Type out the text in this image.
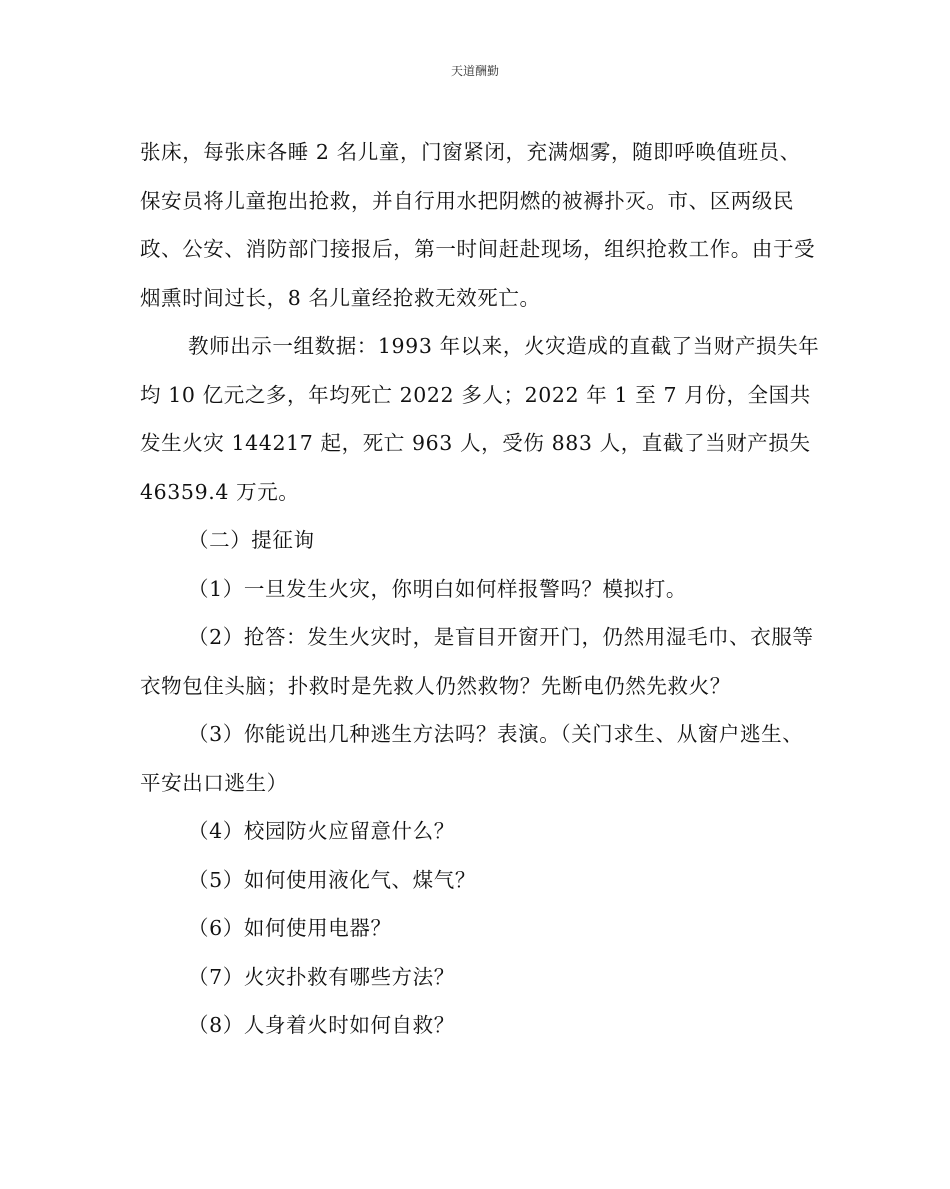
天道酬勤

张床，每张床各睡 2 名儿童，门窗紧闭，充满烟雾，随即呼唤值班员、保安员将儿童抱出抢救，并自行用水把阴燃的被褥扑灭。市、区两级民政、公安、消防部门接报后，第一时间赶赴现场，组织抢救工作。由于受烟熏时间过长，8 名儿童经抢救无效死亡。

教师出示一组数据：1993 年以来，火灾造成的直截了当财产损失年均 10 亿元之多，年均死亡 2022 多人；2022 年 1 至 7 月份，全国共发生火灾 144217 起，死亡 963 人，受伤 883 人，直截了当财产损失 46359.4 万元。

（二）提征询

（1）一旦发生火灾，你明白如何样报警吗？模拟打。

（2）抢答：发生火灾时，是盲目开窗开门，仍然用湿毛巾、衣服等衣物包住头脑；扑救时是先救人仍然救物？先断电仍然先救火？

（3）你能说出几种逃生方法吗？表演。（关门求生、从窗户逃生、平安出口逃生）

（4）校园防火应留意什么？

（5）如何使用液化气、煤气？

（6）如何使用电器？

（7）火灾扑救有哪些方法？

（8）人身着火时如何自救？
